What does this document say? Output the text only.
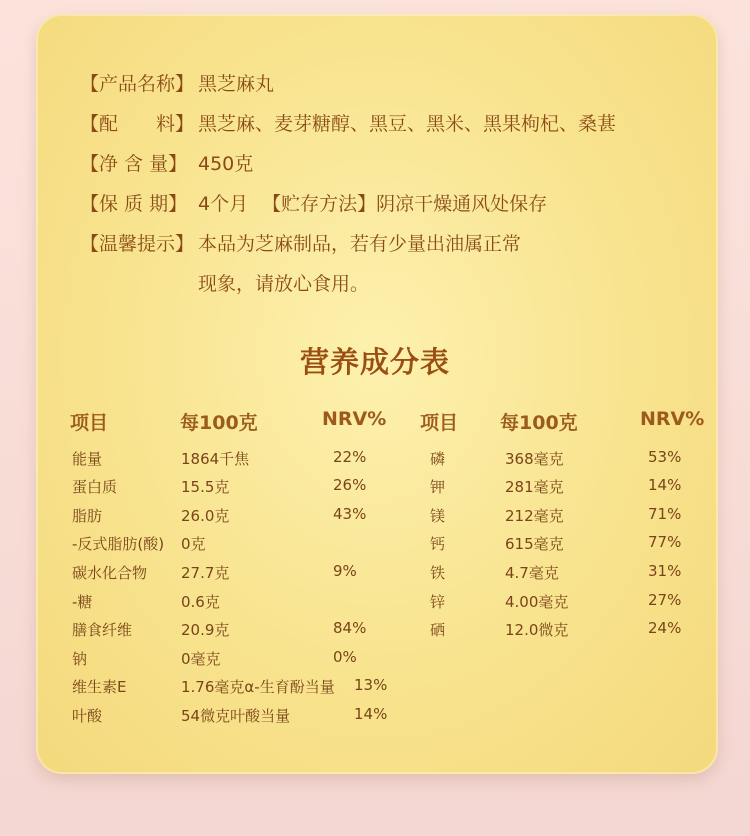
【产品名称】 黑芝麻丸
【配　　料】 黑芝麻、麦芽糖醇、黑豆、黑米、黑果枸杞、桑葚
【净 含 量】 450克
【保 质 期】 4个月 【贮存方法】阴凉干燥通风处保存
【温馨提示】 本品为芝麻制品，若有少量出油属正常
现象，请放心食用。
营养成分表
项目	每100克	NRV% 项目 每100克	NRV%
能量	1864千焦	22%
蛋白质	15.5克	26%
脂肪	26.0克	43%
-反式脂肪(酸) 0克
碳水化合物 27.7克	9%
-糖	0.6克
膳食纤维	20.9克	84%
钠	0毫克	0%
维生素E	1.76毫克α-生育酚当量 13%
叶酸	54微克叶酸当量	14%
磷	368毫克	53%
钾	281毫克	14%
镁	212毫克	71%
钙	615毫克	77%
铁	4.7毫克	31%
锌	4.00毫克	27%
硒	12.0微克	24%
